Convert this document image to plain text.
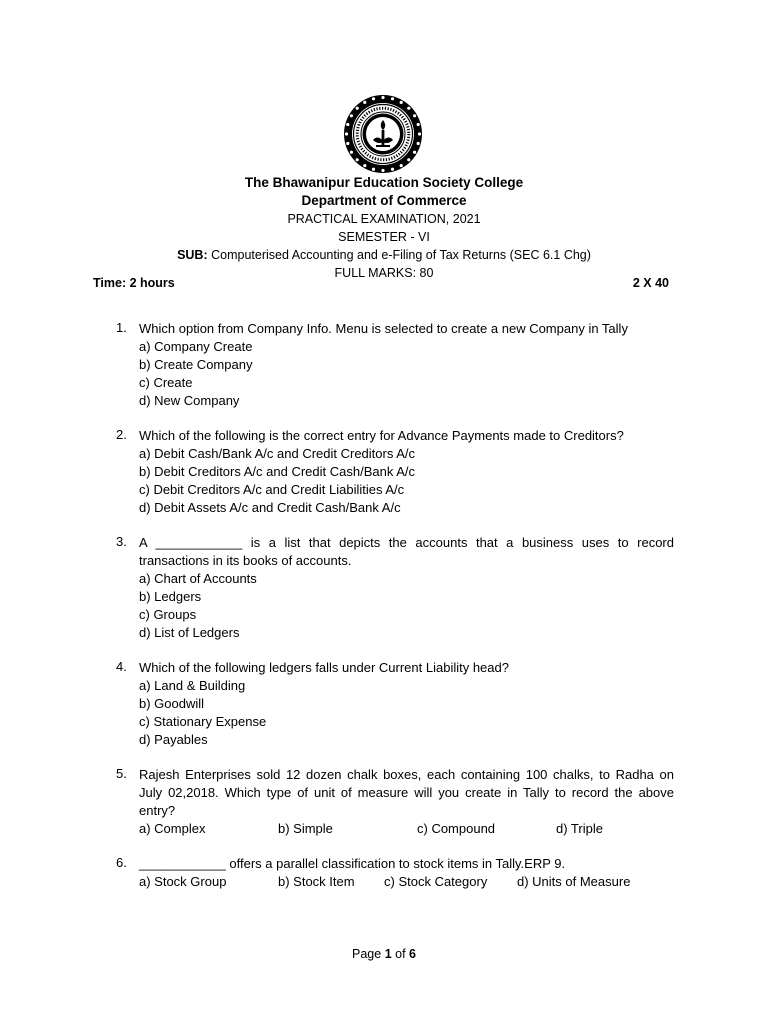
The Bhawanipur Education Society College
Department of Commerce
PRACTICAL EXAMINATION, 2021
SEMESTER - VI
SUB: Computerised Accounting and e-Filing of Tax Returns (SEC 6.1 Chg)
FULL MARKS: 80
Time: 2 hours	2 X 40
1. Which option from Company Info. Menu is selected to create a new Company in Tally
a) Company Create
b) Create Company
c) Create
d) New Company
2. Which of the following is the correct entry for Advance Payments made to Creditors?
a) Debit Cash/Bank A/c and Credit Creditors A/c
b) Debit Creditors A/c and Credit Cash/Bank A/c
c) Debit Creditors A/c and Credit Liabilities A/c
d) Debit Assets A/c and Credit Cash/Bank A/c
3. A ____________ is a list that depicts the accounts that a business uses to record transactions in its books of accounts.
a) Chart of Accounts
b) Ledgers
c) Groups
d) List of Ledgers
4. Which of the following ledgers falls under Current Liability head?
a) Land & Building
b) Goodwill
c) Stationary Expense
d) Payables
5. Rajesh Enterprises sold 12 dozen chalk boxes, each containing 100 chalks, to Radha on July 02,2018. Which type of unit of measure will you create in Tally to record the above entry?
a) Complex	b) Simple	c) Compound	d) Triple
6. ____________ offers a parallel classification to stock items in Tally.ERP 9.
a) Stock Group	b) Stock Item	c) Stock Category	d) Units of Measure
Page 1 of 6
